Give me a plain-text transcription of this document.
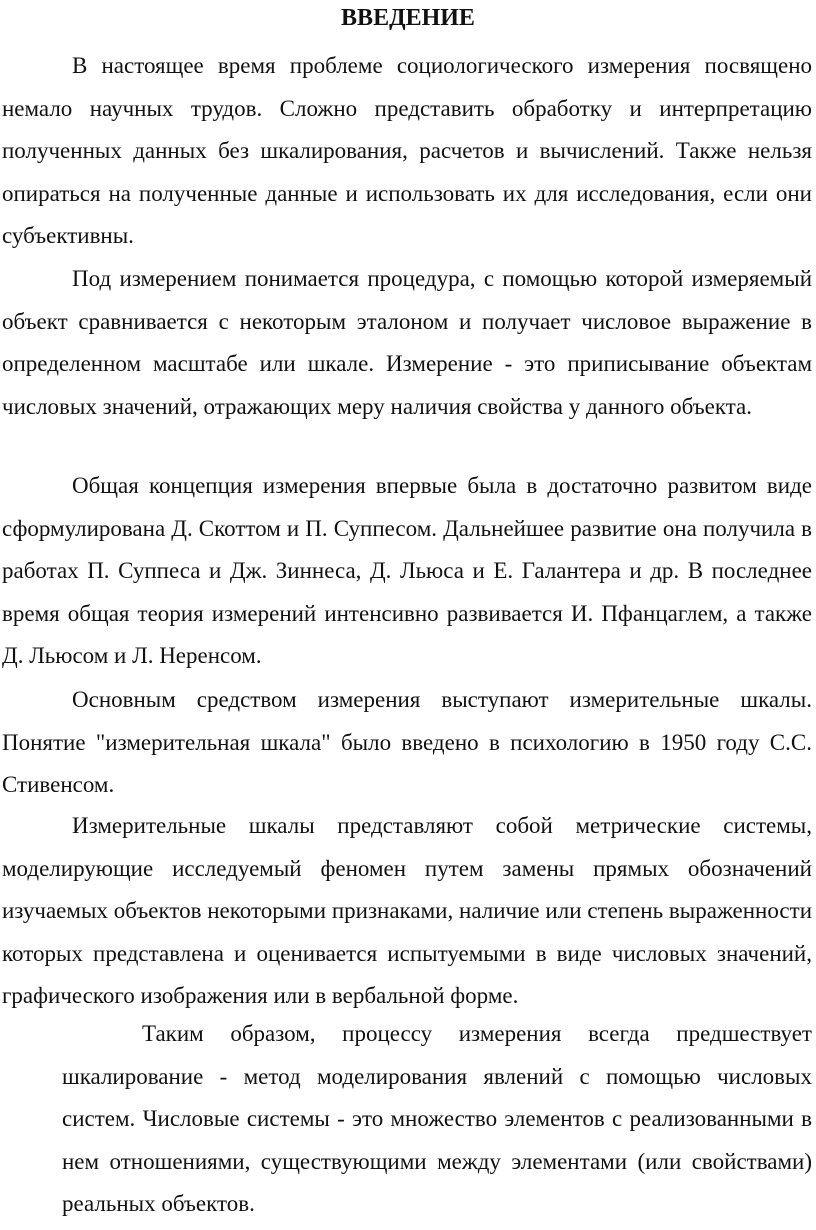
ВВЕДЕНИЕ

В настоящее время проблеме социологического измерения посвящено немало научных трудов. Сложно представить обработку и интерпретацию полученных данных без шкалирования, расчетов и вычислений. Также нельзя опираться на полученные данные и использовать их для исследования, если они субъективны.

Под измерением понимается процедура, с помощью которой измеряемый объект сравнивается с некоторым эталоном и получает числовое выражение в определенном масштабе или шкале. Измерение - это приписывание объектам числовых значений, отражающих меру наличия свойства у данного объекта.

Общая концепция измерения впервые была в достаточно развитом виде сформулирована Д. Скоттом и П. Суппесом. Дальнейшее развитие она получила в работах П. Суппеса и Дж. Зиннеса, Д. Льюса и Е. Галантера и др. В последнее время общая теория измерений интенсивно развивается И. Пфанцаглем, а также Д. Льюсом и Л. Неренсом.

Основным средством измерения выступают измерительные шкалы. Понятие "измерительная шкала" было введено в психологию в 1950 году С.С. Стивенсом.

Измерительные шкалы представляют собой метрические системы, моделирующие исследуемый феномен путем замены прямых обозначений изучаемых объектов некоторыми признаками, наличие или степень выраженности которых представлена и оценивается испытуемыми в виде числовых значений, графического изображения или в вербальной форме.

Таким образом, процессу измерения всегда предшествует шкалирование - метод моделирования явлений с помощью числовых систем. Числовые системы - это множество элементов с реализованными в нем отношениями, существующими между элементами (или свойствами) реальных объектов.
